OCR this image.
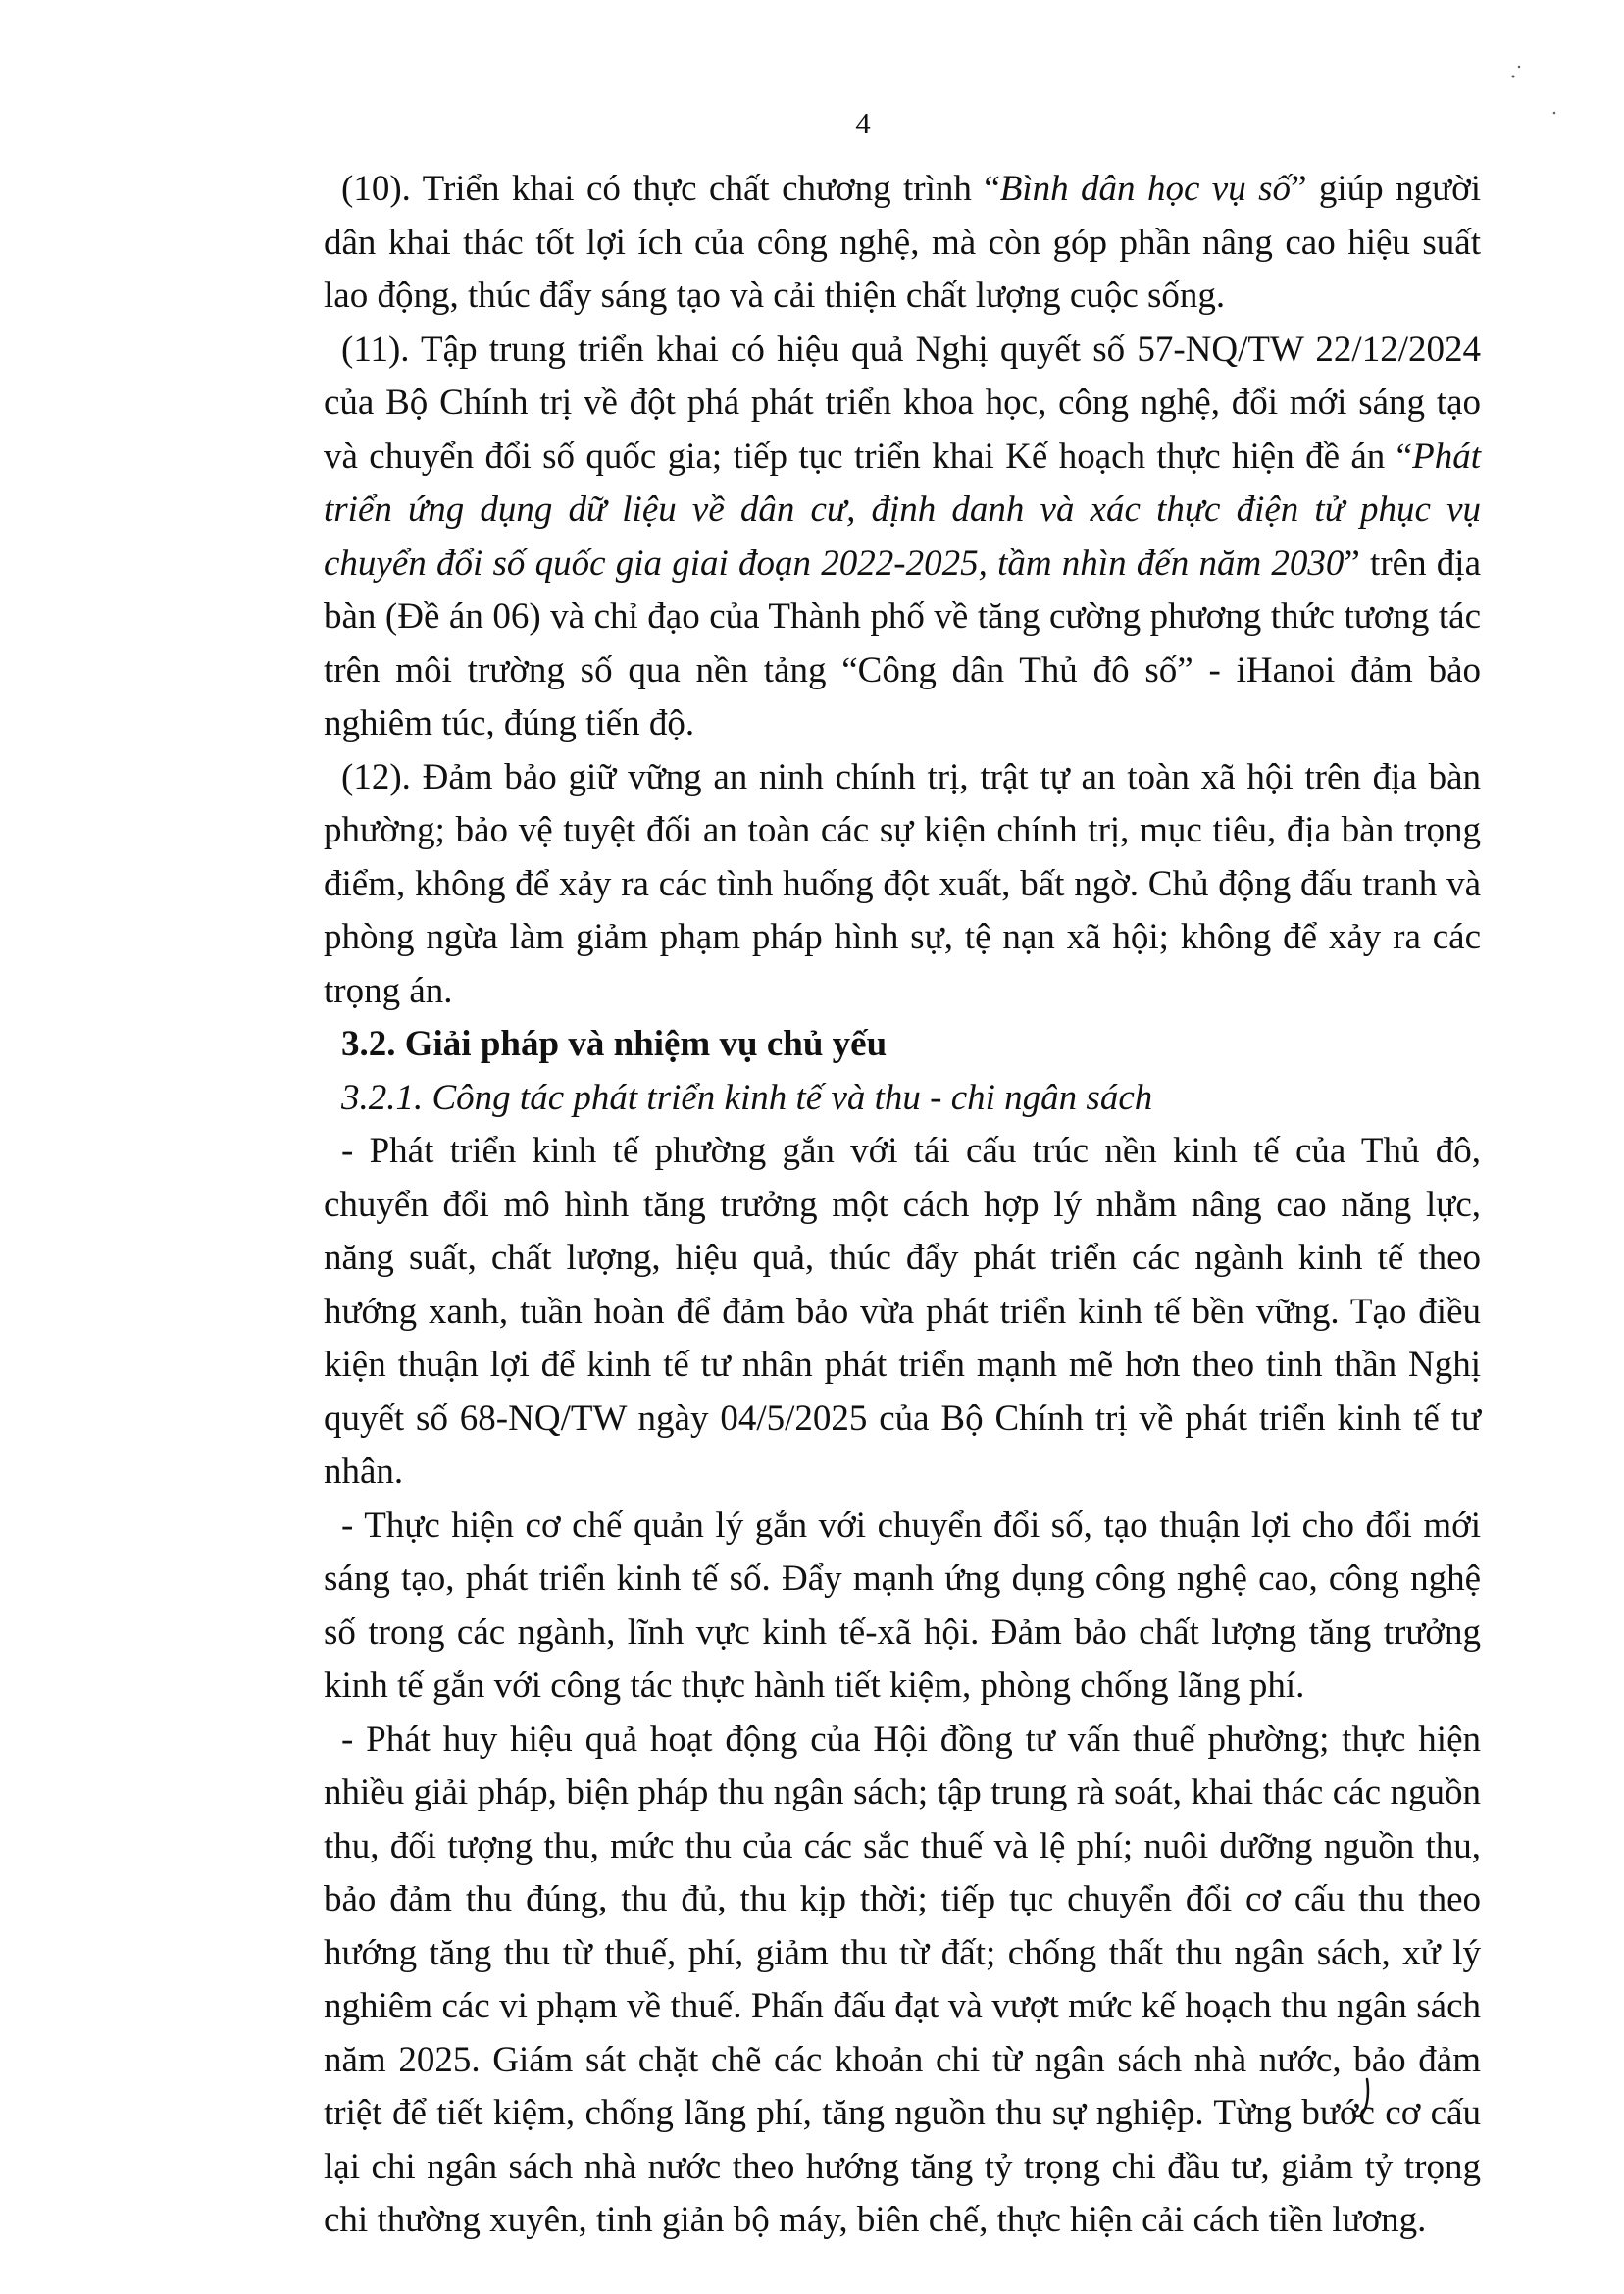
4

(10). Triển khai có thực chất chương trình “Bình dân học vụ số” giúp người dân khai thác tốt lợi ích của công nghệ, mà còn góp phần nâng cao hiệu suất lao động, thúc đẩy sáng tạo và cải thiện chất lượng cuộc sống.

(11). Tập trung triển khai có hiệu quả Nghị quyết số 57-NQ/TW 22/12/2024 của Bộ Chính trị về đột phá phát triển khoa học, công nghệ, đổi mới sáng tạo và chuyển đổi số quốc gia; tiếp tục triển khai Kế hoạch thực hiện đề án “Phát triển ứng dụng dữ liệu về dân cư, định danh và xác thực điện tử phục vụ chuyển đổi số quốc gia giai đoạn 2022-2025, tầm nhìn đến năm 2030” trên địa bàn (Đề án 06) và chỉ đạo của Thành phố về tăng cường phương thức tương tác trên môi trường số qua nền tảng “Công dân Thủ đô số” - iHanoi đảm bảo nghiêm túc, đúng tiến độ.

(12). Đảm bảo giữ vững an ninh chính trị, trật tự an toàn xã hội trên địa bàn phường; bảo vệ tuyệt đối an toàn các sự kiện chính trị, mục tiêu, địa bàn trọng điểm, không để xảy ra các tình huống đột xuất, bất ngờ. Chủ động đấu tranh và phòng ngừa làm giảm phạm pháp hình sự, tệ nạn xã hội; không để xảy ra các trọng án.

3.2. Giải pháp và nhiệm vụ chủ yếu
3.2.1. Công tác phát triển kinh tế và thu - chi ngân sách

- Phát triển kinh tế phường gắn với tái cấu trúc nền kinh tế của Thủ đô, chuyển đổi mô hình tăng trưởng một cách hợp lý nhằm nâng cao năng lực, năng suất, chất lượng, hiệu quả, thúc đẩy phát triển các ngành kinh tế theo hướng xanh, tuần hoàn để đảm bảo vừa phát triển kinh tế bền vững. Tạo điều kiện thuận lợi để kinh tế tư nhân phát triển mạnh mẽ hơn theo tinh thần Nghị quyết số 68-NQ/TW ngày 04/5/2025 của Bộ Chính trị về phát triển kinh tế tư nhân.

- Thực hiện cơ chế quản lý gắn với chuyển đổi số, tạo thuận lợi cho đổi mới sáng tạo, phát triển kinh tế số. Đẩy mạnh ứng dụng công nghệ cao, công nghệ số trong các ngành, lĩnh vực kinh tế-xã hội. Đảm bảo chất lượng tăng trưởng kinh tế gắn với công tác thực hành tiết kiệm, phòng chống lãng phí.

- Phát huy hiệu quả hoạt động của Hội đồng tư vấn thuế phường; thực hiện nhiều giải pháp, biện pháp thu ngân sách; tập trung rà soát, khai thác các nguồn thu, đối tượng thu, mức thu của các sắc thuế và lệ phí; nuôi dưỡng nguồn thu, bảo đảm thu đúng, thu đủ, thu kịp thời; tiếp tục chuyển đổi cơ cấu thu theo hướng tăng thu từ thuế, phí, giảm thu từ đất; chống thất thu ngân sách, xử lý nghiêm các vi phạm về thuế. Phấn đấu đạt và vượt mức kế hoạch thu ngân sách năm 2025. Giám sát chặt chẽ các khoản chi từ ngân sách nhà nước, bảo đảm triệt để tiết kiệm, chống lãng phí, tăng nguồn thu sự nghiệp. Từng bước cơ cấu lại chi ngân sách nhà nước theo hướng tăng tỷ trọng chi đầu tư, giảm tỷ trọng chi thường xuyên, tinh giản bộ máy, biên chế, thực hiện cải cách tiền lương.
